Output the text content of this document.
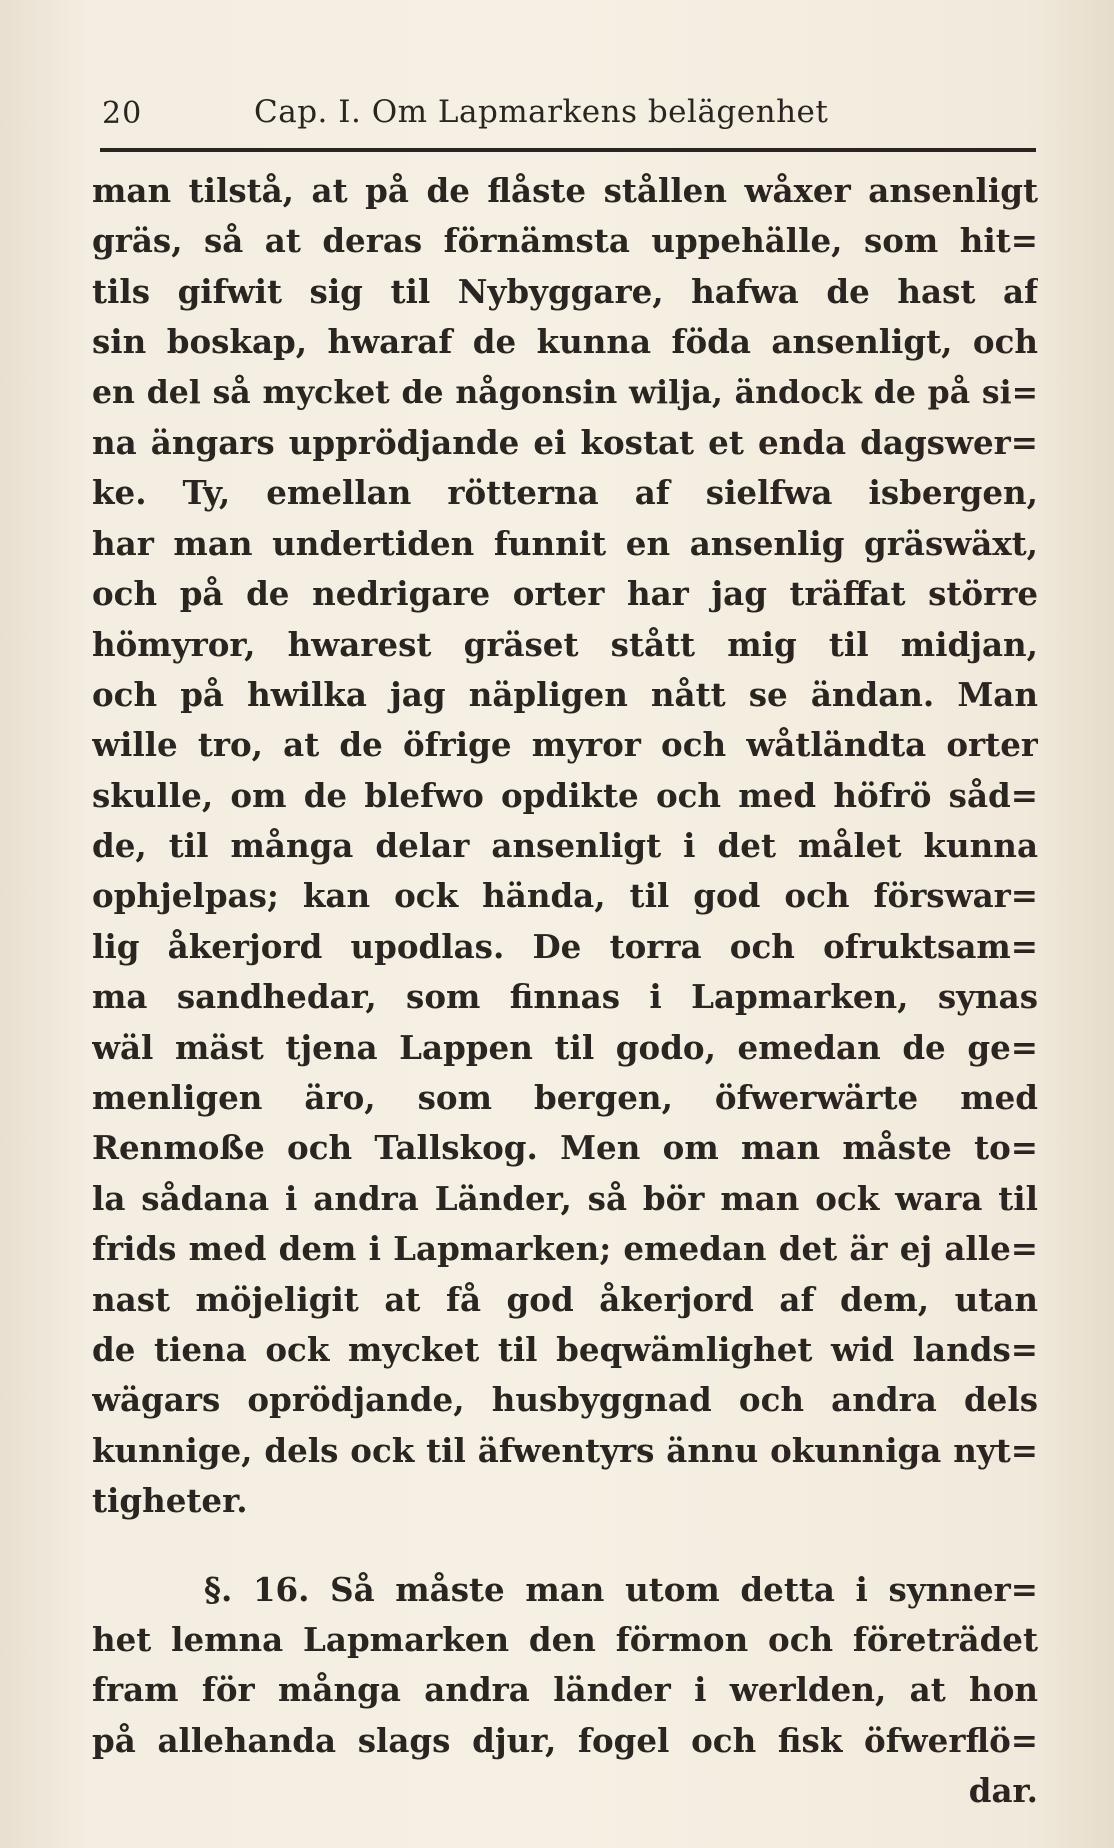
20	Cap. I. Om Lapmarkens belägenhet
man tilstå, at på de flåste stållen wåxer ansenligt
gräs, så at deras förnämsta uppehälle, som hit=
tils gifwit sig til Nybyggare, hafwa de hast af
sin boskap, hwaraf de kunna föda ansenligt, och
en del så mycket de någonsin wilja, ändock de på si=
na ängars upprödjande ei kostat et enda dagswer=
ke. Ty, emellan rötterna af sielfwa isbergen,
har man undertiden funnit en ansenlig gräswäxt,
och på de nedrigare orter har jag träffat större
hömyror, hwarest gräset stått mig til midjan,
och på hwilka jag näpligen nått se ändan. Man
wille tro, at de öfrige myror och wåtländta orter
skulle, om de blefwo opdikte och med höfrö såd=
de, til många delar ansenligt i det målet kunna
ophjelpas; kan ock hända, til god och förswar=
lig åkerjord upodlas. De torra och ofruktsam=
ma sandhedar, som finnas i Lapmarken, synas
wäl mäst tjena Lappen til godo, emedan de ge=
menligen äro, som bergen, öfwerwärte med
Renmoße och Tallskog. Men om man måste to=
la sådana i andra Länder, så bör man ock wara til
frids med dem i Lapmarken; emedan det är ej alle=
nast möjeligit at få god åkerjord af dem, utan
de tiena ock mycket til beqwämlighet wid lands=
wägars oprödjande, husbyggnad och andra dels
kunnige, dels ock til äfwentyrs ännu okunniga nyt=
tigheter.
§. 16. Så måste man utom detta i synner=
het lemna Lapmarken den förmon och företrädet
fram för många andra länder i werlden, at hon
på allehanda slags djur, fogel och fisk öfwerflö=
dar.
